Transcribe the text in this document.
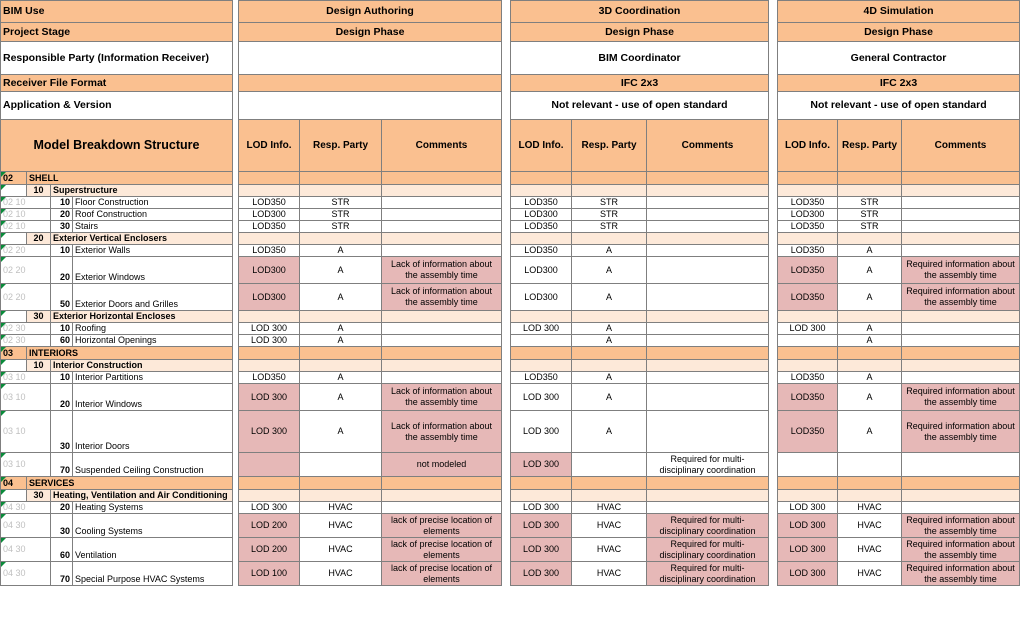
BIM Use					Design Authoring				3D Coordination				4D Simulation			
Project Stage					Design Phase				Design Phase				Design Phase			
Responsible Party (Information Receiver)									BIM Coordinator				General Contractor			
Receiver File Format									IFC 2x3				IFC 2x3			
Application & Version									Not relevant - use of open standard				Not relevant - use of open standard			
Model Breakdown Structure					LOD Info.	Resp. Party	Comments		LOD Info.	Resp. Party	Comments		LOD Info.	Resp. Party	Comments	
02	SHELL															
	10	Superstructure														
02 10		10	Floor Construction		LOD350	STR			LOD350	STR			LOD350	STR		
02 10		20	Roof Construction		LOD300	STR			LOD300	STR			LOD300	STR		
02 10		30	Stairs		LOD350	STR			LOD350	STR			LOD350	STR		
	20	Exterior Vertical Enclosers														
02 20		10	Exterior Walls		LOD350	A			LOD350	A			LOD350	A		
02 20		20	Exterior Windows		LOD300	A	Lack of information about the assembly time		LOD300	A			LOD350	A	Required information about the assembly time	
02 20		50	Exterior Doors and Grilles		LOD300	A	Lack of information about the assembly time		LOD300	A			LOD350	A	Required information about the assembly time	
	30	Exterior Horizontal Encloses														
02 30		10	Roofing		LOD 300	A			LOD 300	A			LOD 300	A		
02 30		60	Horizontal Openings		LOD 300	A				A				A		
03	INTERIORS															
	10	Interior Construction														
03 10		10	Interior Partitions		LOD350	A			LOD350	A			LOD350	A		
03 10		20	Interior Windows		LOD 300	A	Lack of information about the assembly time		LOD 300	A			LOD350	A	Required information about the assembly time	
03 10		30	Interior Doors		LOD 300	A	Lack of information about the assembly time		LOD 300	A			LOD350	A	Required information about the assembly time	
03 10		70	Suspended Ceiling Construction				not modeled		LOD 300		Required for multi-disciplinary coordination					
04	SERVICES															
	30	Heating, Ventilation and Air Conditioning														
04 30		20	Heating Systems		LOD 300	HVAC			LOD 300	HVAC			LOD 300	HVAC		
04 30		30	Cooling Systems		LOD 200	HVAC	lack of precise location of elements		LOD 300	HVAC	Required for multi-disciplinary coordination		LOD 300	HVAC	Required information about the assembly time	
04 30		60	Ventilation		LOD 200	HVAC	lack of precise location of elements		LOD 300	HVAC	Required for multi-disciplinary coordination		LOD 300	HVAC	Required information about the assembly time	
04 30		70	Special Purpose HVAC Systems		LOD 100	HVAC	lack of precise location of elements		LOD 300	HVAC	Required for multi-disciplinary coordination		LOD 300	HVAC	Required information about the assembly time	
